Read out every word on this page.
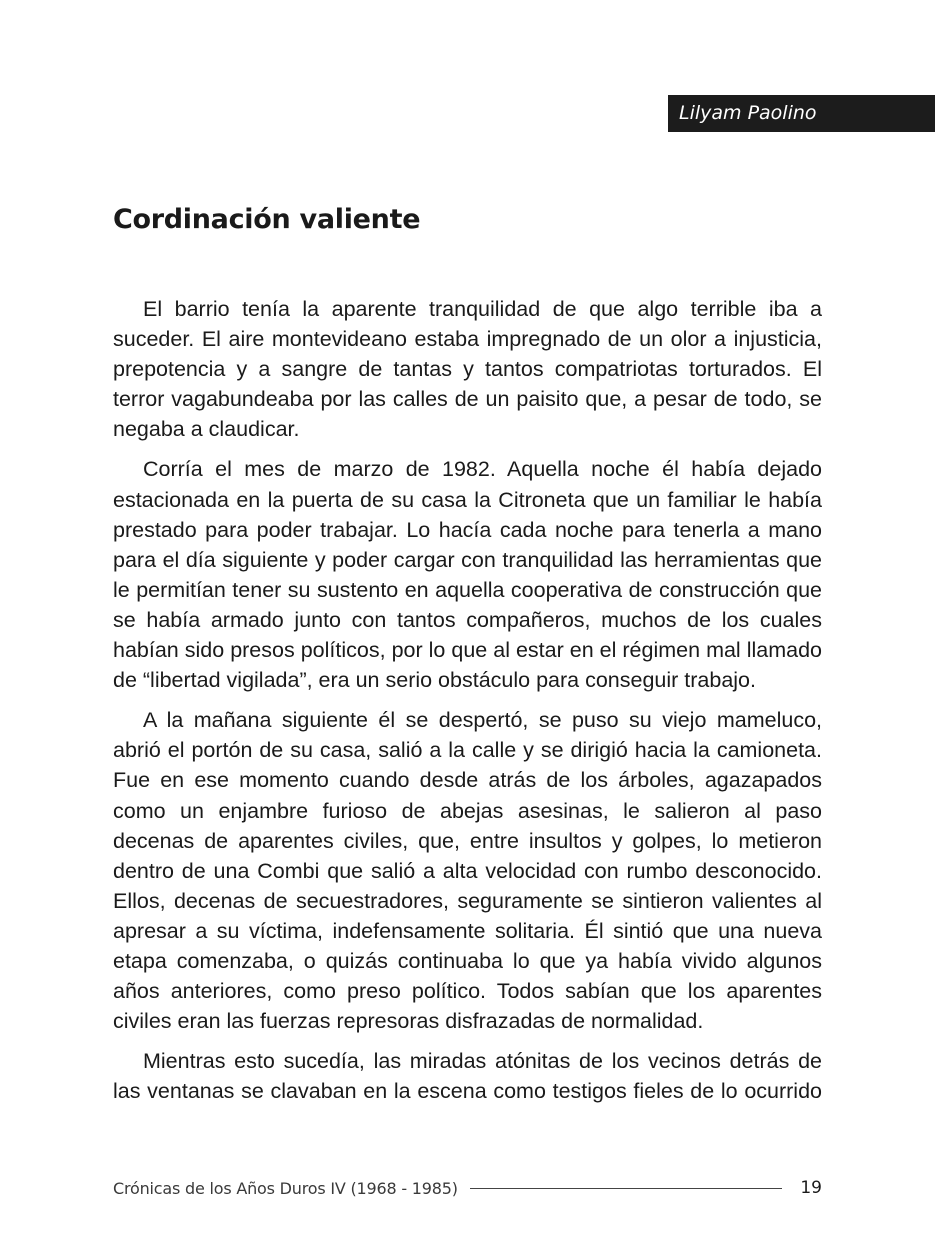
Lilyam Paolino
Cordinación valiente

El barrio tenía la aparente tranquilidad de que algo terrible iba a suceder. El aire montevideano estaba impregnado de un olor a injusticia, prepotencia y a sangre de tantas y tantos compatriotas torturados. El terror vagabundeaba por las calles de un paisito que, a pesar de todo, se negaba a claudicar.

Corría el mes de marzo de 1982. Aquella noche él había dejado estacionada en la puerta de su casa la Citroneta que un familiar le había prestado para poder trabajar. Lo hacía cada noche para tenerla a mano para el día siguiente y poder cargar con tranquilidad las herramientas que le permitían tener su sustento en aquella cooperativa de construcción que se había armado junto con tantos compañeros, muchos de los cuales habían sido presos políticos, por lo que al estar en el régimen mal llamado de “libertad vigilada”, era un serio obstáculo para conseguir trabajo.

A la mañana siguiente él se despertó, se puso su viejo mameluco, abrió el portón de su casa, salió a la calle y se dirigió hacia la camioneta. Fue en ese momento cuando desde atrás de los árboles, agazapados como un enjambre furioso de abejas asesinas, le salieron al paso decenas de aparentes civiles, que, entre insultos y golpes, lo metieron dentro de una Combi que salió a alta velocidad con rumbo desconocido. Ellos, decenas de secuestradores, seguramente se sintieron valientes al apresar a su víctima, indefensamente solitaria. Él sintió que una nueva etapa comenzaba, o quizás continuaba lo que ya había vivido algunos años anteriores, como preso político. Todos sabían que los aparentes civiles eran las fuerzas represoras disfrazadas de normalidad.

Mientras esto sucedía, las miradas atónitas de los vecinos detrás de las ventanas se clavaban en la escena como testigos fieles de lo ocurrido

Crónicas de los Años Duros IV (1968 - 1985)	19
